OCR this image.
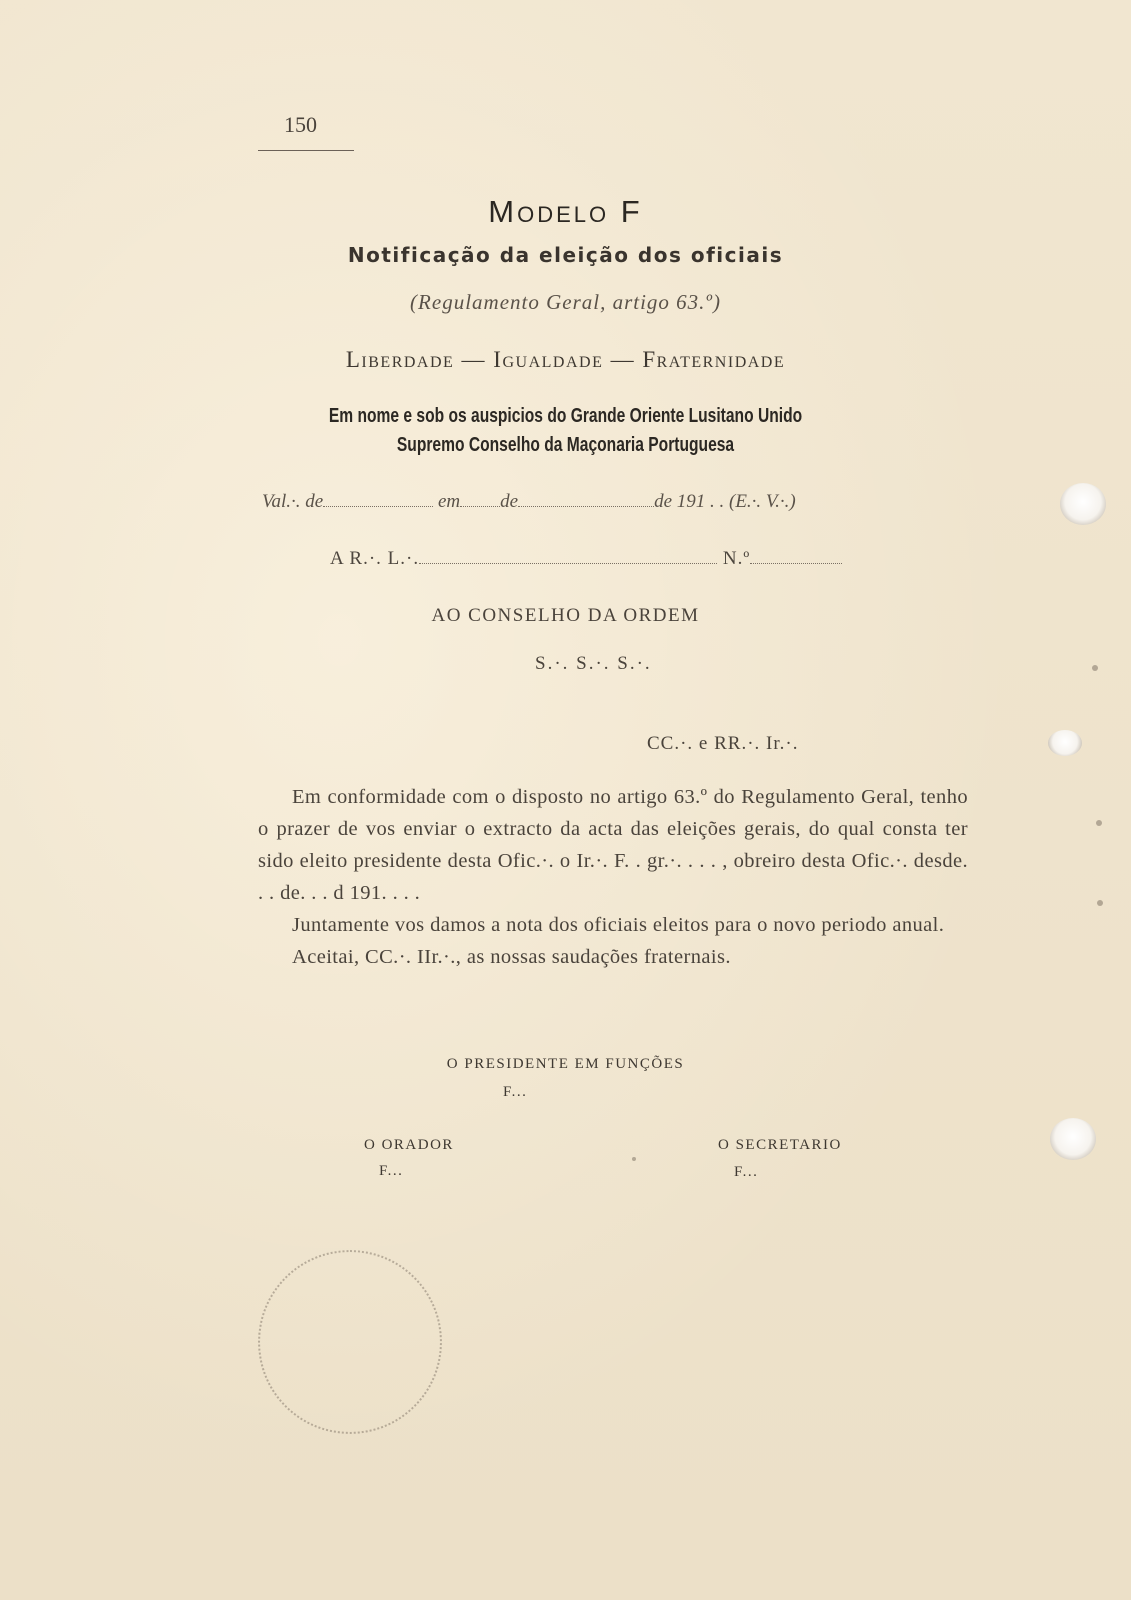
150
Modelo F
Notificação da eleição dos oficiais
(Regulamento Geral, artigo 63.º)
Liberdade — Igualdade — Fraternidade
Em nome e sob os auspicios do Grande Oriente Lusitano Unido
Supremo Conselho da Maçonaria Portuguesa
Val.·. de	em de	de 191 . . (E.·. V.·.)
A R.·. L.·.	N.º
AO CONSELHO DA ORDEM
S.·. S.·. S.·.
CC.·. e RR.·. Ir.·.

Em conformidade com o disposto no artigo 63.º do Regulamento Geral, tenho o prazer de vos enviar o extracto da acta das eleições gerais, do qual consta ter sido eleito presidente desta Ofic.·. o Ir.·. F. . gr.·. . . . , obreiro desta Ofic.·. desde. . . de. . . d 191. . . .

Juntamente vos damos a nota dos oficiais eleitos para o novo periodo anual.

Aceitai, CC.·. IIr.·., as nossas saudações fraternais.

O PRESIDENTE EM FUNÇÕES
F...
O ORADOR
F...
O SECRETARIO
F...
